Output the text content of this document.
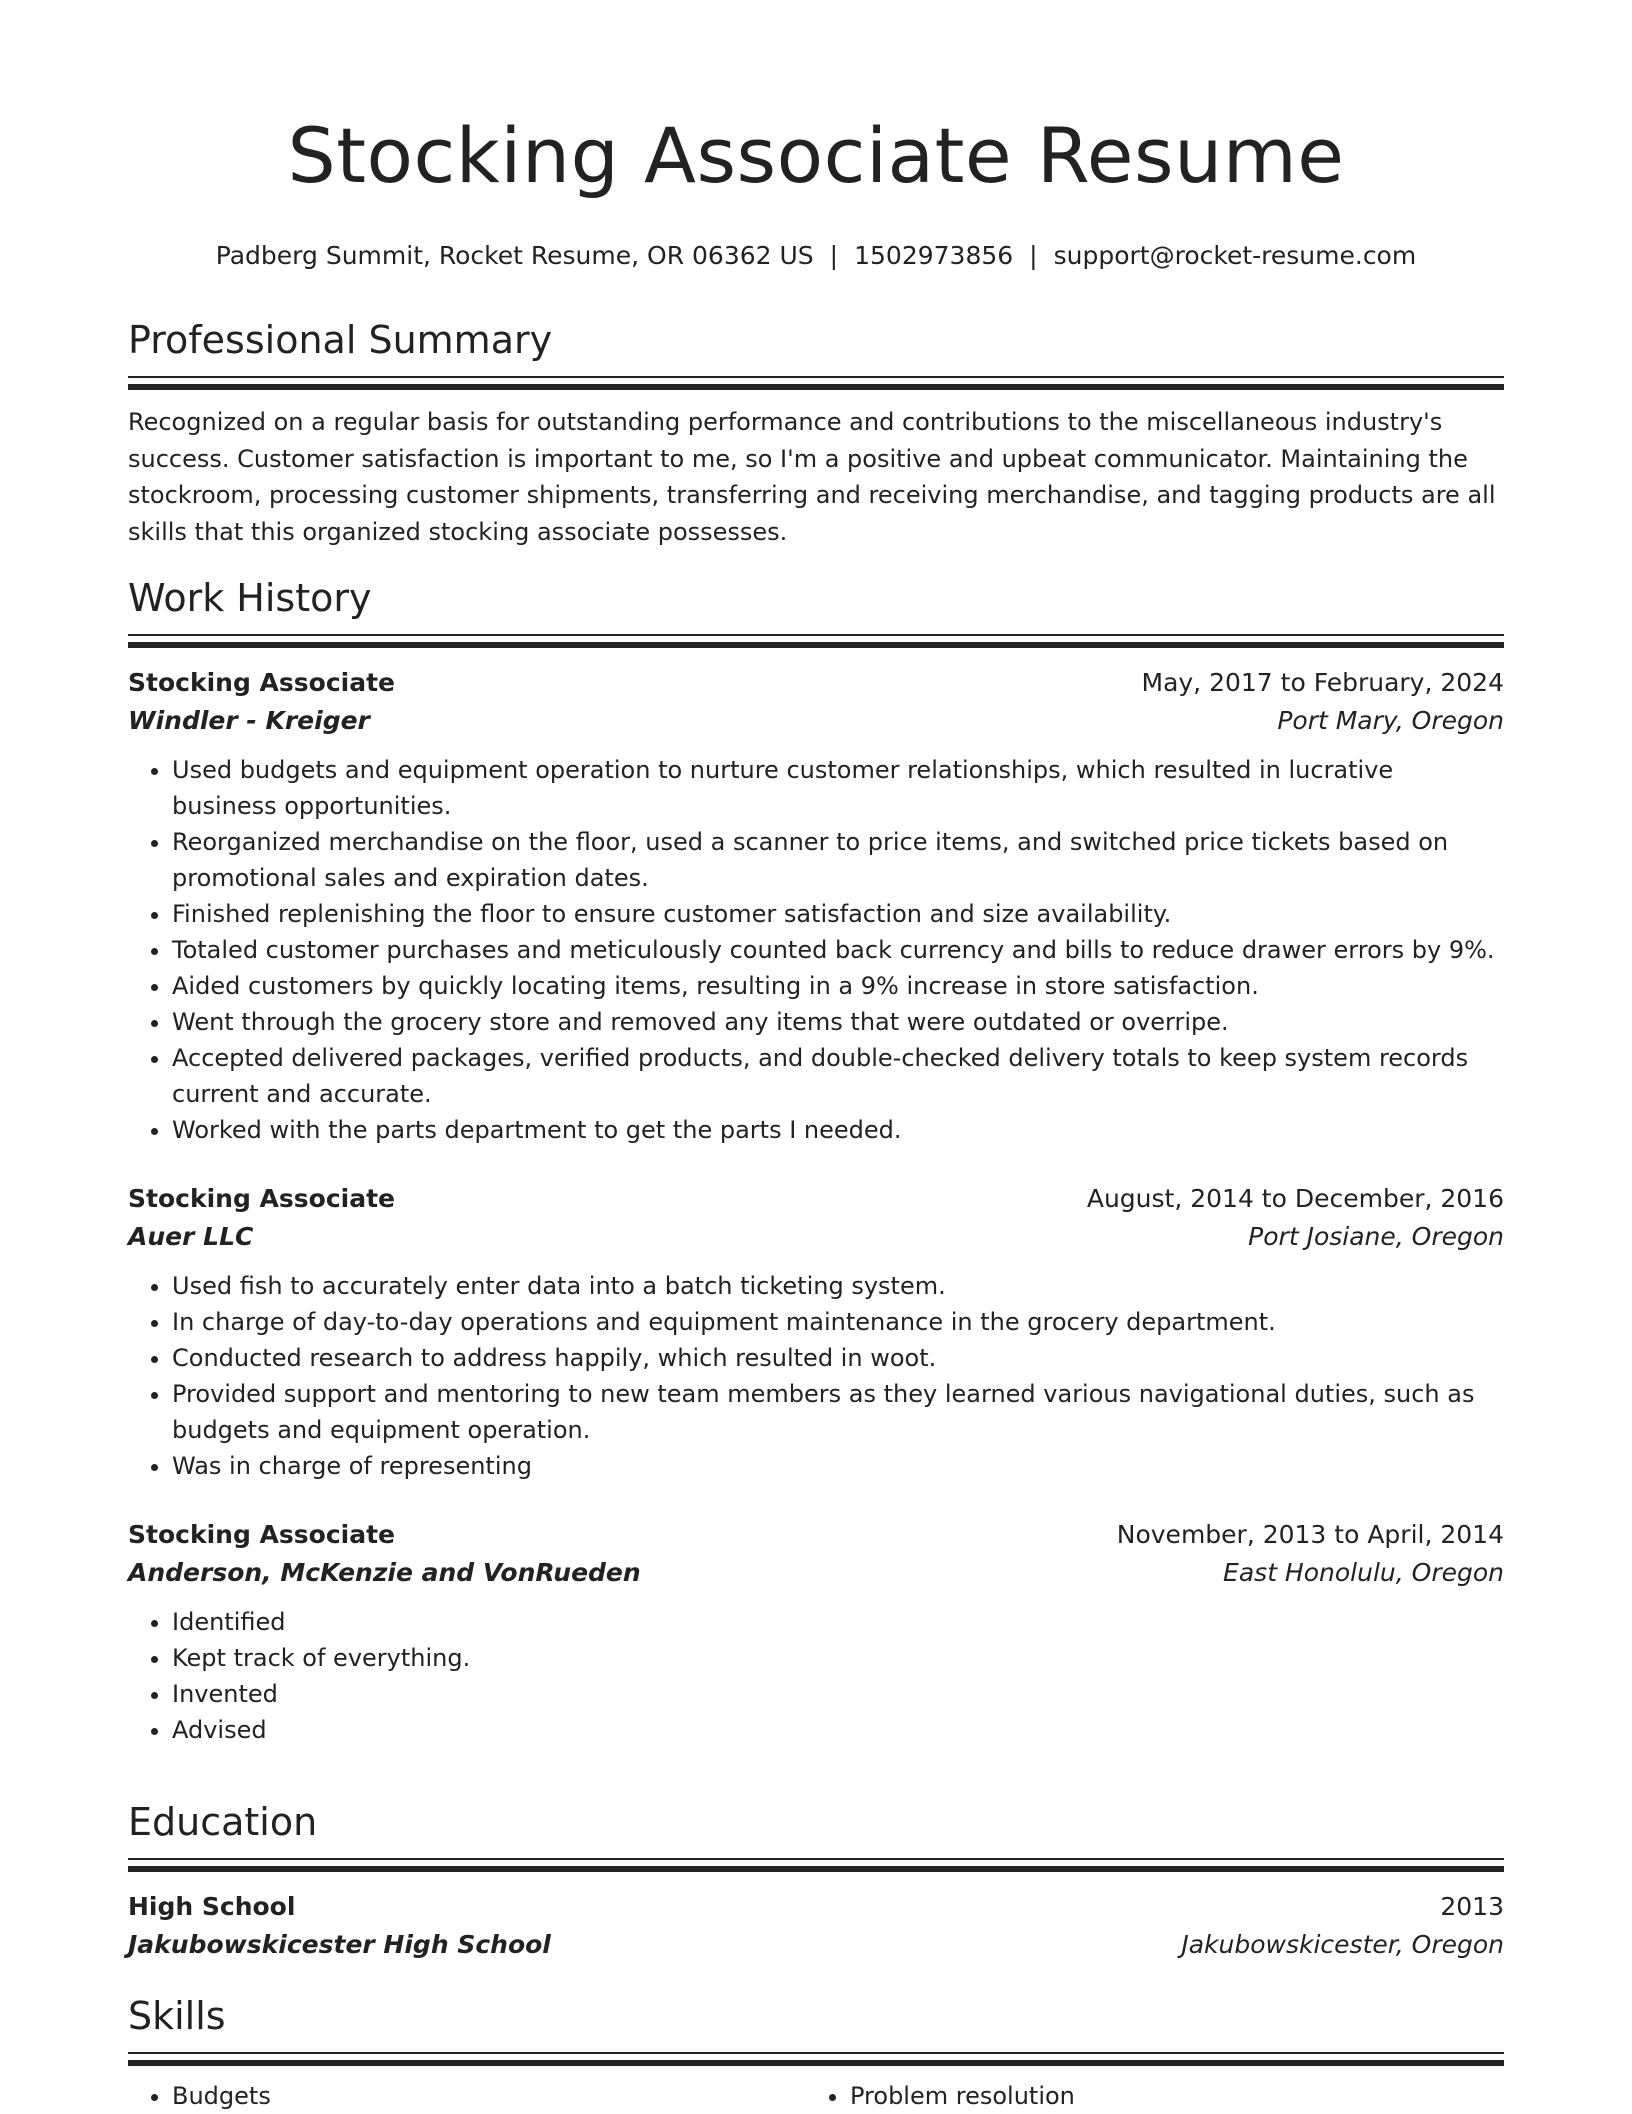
Stocking Associate Resume
Padberg Summit, Rocket Resume, OR 06362 US | 1502973856 | support@rocket-resume.com
Professional Summary

Recognized on a regular basis for outstanding performance and contributions to the miscellaneous industry's success. Customer satisfaction is important to me, so I'm a positive and upbeat communicator. Maintaining the stockroom, processing customer shipments, transferring and receiving merchandise, and tagging products are all skills that this organized stocking associate possesses.

Work History
Stocking Associate	May, 2017 to February, 2024
Windler - Kreiger	Port Mary, Oregon
• Used budgets and equipment operation to nurture customer relationships, which resulted in lucrative business opportunities.
• Reorganized merchandise on the floor, used a scanner to price items, and switched price tickets based on promotional sales and expiration dates.
• Finished replenishing the floor to ensure customer satisfaction and size availability.
• Totaled customer purchases and meticulously counted back currency and bills to reduce drawer errors by 9%.
• Aided customers by quickly locating items, resulting in a 9% increase in store satisfaction.
• Went through the grocery store and removed any items that were outdated or overripe.
• Accepted delivered packages, verified products, and double-checked delivery totals to keep system records current and accurate.
• Worked with the parts department to get the parts I needed.
Stocking Associate	August, 2014 to December, 2016
Auer LLC	Port Josiane, Oregon
• Used fish to accurately enter data into a batch ticketing system.
• In charge of day-to-day operations and equipment maintenance in the grocery department.
• Conducted research to address happily, which resulted in woot.
• Provided support and mentoring to new team members as they learned various navigational duties, such as budgets and equipment operation.
• Was in charge of representing
Stocking Associate	November, 2013 to April, 2014
Anderson, McKenzie and VonRueden	East Honolulu, Oregon
• Identified
• Kept track of everything.
• Invented
• Advised
Education
High School	2013
Jakubowskicester High School	Jakubowskicester, Oregon
Skills
• Budgets
•	Problem resolution
